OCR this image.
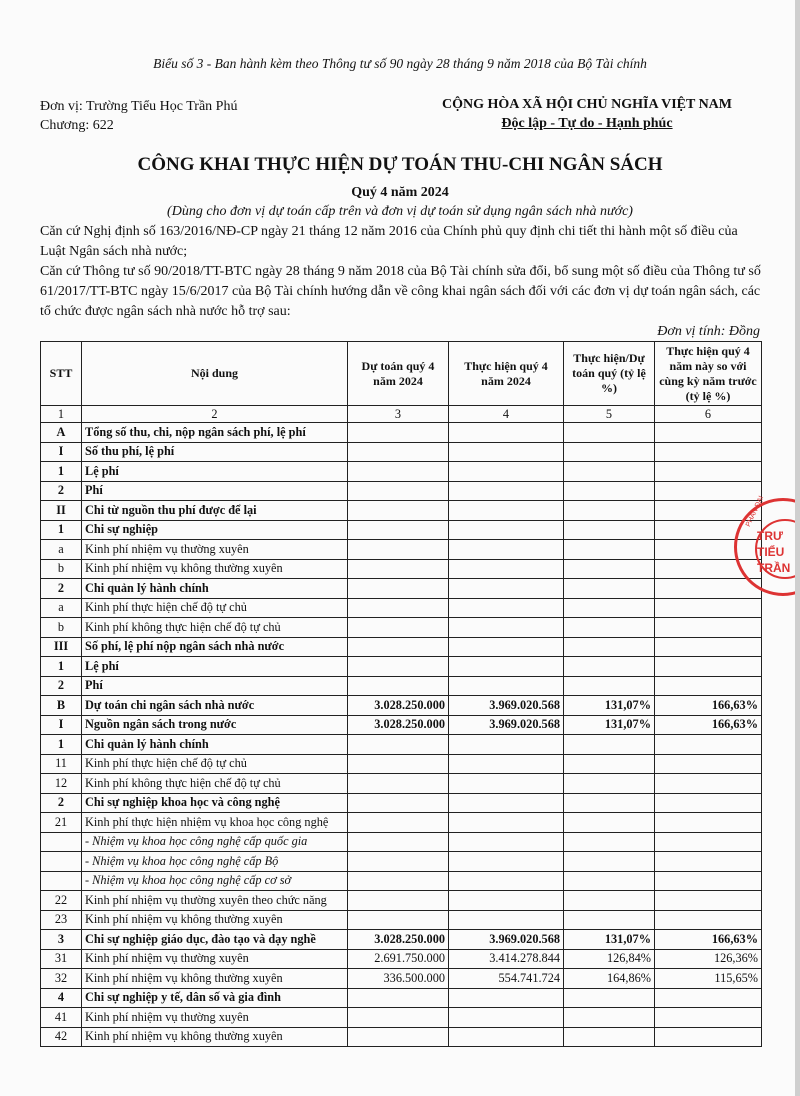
Biểu số 3 - Ban hành kèm theo Thông tư số 90 ngày 28 tháng 9 năm 2018 của Bộ Tài chính
Đơn vị: Trường Tiểu Học Trần Phú
Chương: 622
CỘNG HÒA XÃ HỘI CHỦ NGHĨA VIỆT NAM
Độc lập - Tự do - Hạnh phúc
CÔNG KHAI THỰC HIỆN DỰ TOÁN THU-CHI NGÂN SÁCH
Quý 4 năm 2024
(Dùng cho đơn vị dự toán cấp trên và đơn vị dự toán sử dụng ngân sách nhà nước)

Căn cứ Nghị định số 163/2016/NĐ-CP ngày 21 tháng 12 năm 2016 của Chính phủ quy định chi tiết thi hành một số điều của Luật Ngân sách nhà nước;

Căn cứ Thông tư số 90/2018/TT-BTC ngày 28 tháng 9 năm 2018 của Bộ Tài chính sửa đổi, bổ sung một số điều của Thông tư số 61/2017/TT-BTC ngày 15/6/2017 của Bộ Tài chính hướng dẫn về công khai ngân sách đối với các đơn vị dự toán ngân sách, các tổ chức được ngân sách nhà nước hỗ trợ sau:

Đơn vị tính: Đồng
STT	Nội dung	Dự toán quý 4 năm 2024	Thực hiện quý 4 năm 2024	Thực hiện/Dự toán quý (tỷ lệ %)	Thực hiện quý 4 năm này so với cùng kỳ năm trước (tỷ lệ %)
1	2	3	4	5	6
A	Tổng số thu, chi, nộp ngân sách phí, lệ phí				
I	Số thu phí, lệ phí				
1	Lệ phí				
2	Phí				
II	Chi từ nguồn thu phí được để lại				
1	Chi sự nghiệp				
a	Kinh phí nhiệm vụ thường xuyên				
b	Kinh phí nhiệm vụ không thường xuyên				
2	Chi quản lý hành chính				
a	Kinh phí thực hiện chế độ tự chủ				
b	Kinh phí không thực hiện chế độ tự chủ				
III	Số phí, lệ phí nộp ngân sách nhà nước				
1	Lệ phí				
2	Phí				
B	Dự toán chi ngân sách nhà nước	3.028.250.000	3.969.020.568	131,07%	166,63%
I	Nguồn ngân sách trong nước	3.028.250.000	3.969.020.568	131,07%	166,63%
1	Chi quản lý hành chính				
11	Kinh phí thực hiện chế độ tự chủ				
12	Kinh phí không thực hiện chế độ tự chủ				
2	Chi sự nghiệp khoa học và công nghệ				
21	Kinh phí thực hiện nhiệm vụ khoa học công nghệ				
	- Nhiệm vụ khoa học công nghệ cấp quốc gia				
	- Nhiệm vụ khoa học công nghệ cấp Bộ				
	- Nhiệm vụ khoa học công nghệ cấp cơ sở				
22	Kinh phí nhiệm vụ thường xuyên theo chức năng				
23	Kinh phí nhiệm vụ không thường xuyên				
3	Chi sự nghiệp giáo dục, đào tạo và dạy nghề	3.028.250.000	3.969.020.568	131,07%	166,63%
31	Kinh phí nhiệm vụ thường xuyên	2.691.750.000	3.414.278.844	126,84%	126,36%
32	Kinh phí nhiệm vụ không thường xuyên	336.500.000	554.741.724	164,86%	115,65%
4	Chi sự nghiệp y tế, dân số và gia đình				
41	Kinh phí nhiệm vụ thường xuyên				
42	Kinh phí nhiệm vụ không thường xuyên				
TRƯ
TIỂU
TRẦN
PHÂN ĐẠI
